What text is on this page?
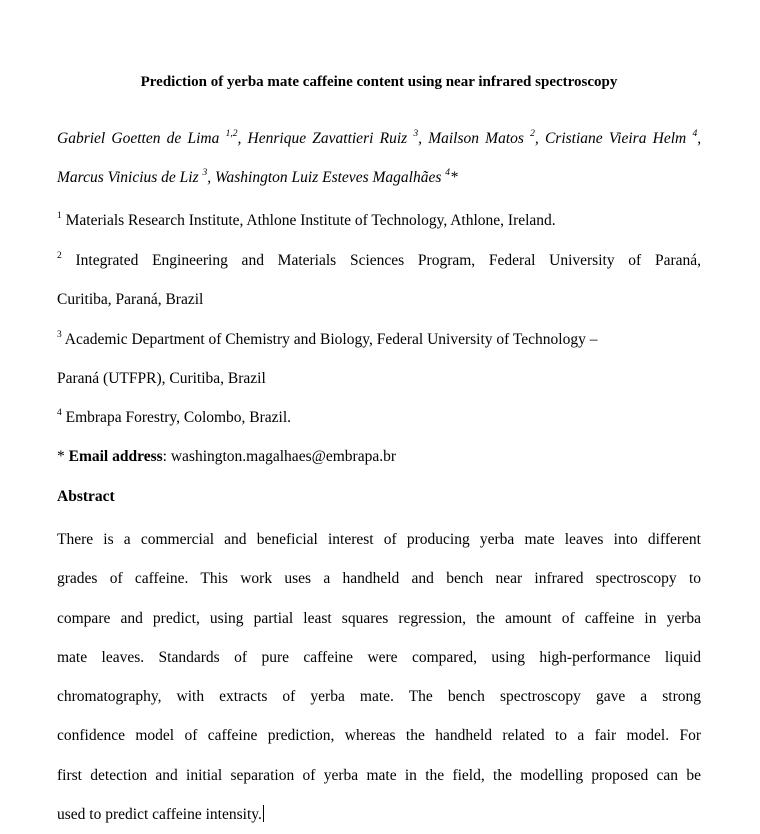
Prediction of yerba mate caffeine content using near infrared spectroscopy
Gabriel Goetten de Lima $^{1,2}$, Henrique Zavattieri Ruiz $^3$, Mailson Matos $^2$, Cristiane Vieira Helm $^4$, Marcus Vinicius de Liz $^3$, Washington Luiz Esteves Magalhães $^4$*
$^1$ Materials Research Institute, Athlone Institute of Technology, Athlone, Ireland.
$^2$ Integrated Engineering and Materials Sciences Program, Federal University of Paraná,
Curitiba, Paraná, Brazil
$^3$ Academic Department of Chemistry and Biology, Federal University of Technology –
Paraná (UTFPR), Curitiba, Brazil
$^4$ Embrapa Forestry, Colombo, Brazil.
* Email address: washington.magalhaes@embrapa.br
Abstract
There is a commercial and beneficial interest of producing yerba mate leaves into different
grades of caffeine. This work uses a handheld and bench near infrared spectroscopy to
compare and predict, using partial least squares regression, the amount of caffeine in yerba
mate leaves. Standards of pure caffeine were compared, using high-performance liquid
chromatography, with extracts of yerba mate. The bench spectroscopy gave a strong
confidence model of caffeine prediction, whereas the handheld related to a fair model. For
first detection and initial separation of yerba mate in the field, the modelling proposed can be
used to predict caffeine intensity.
